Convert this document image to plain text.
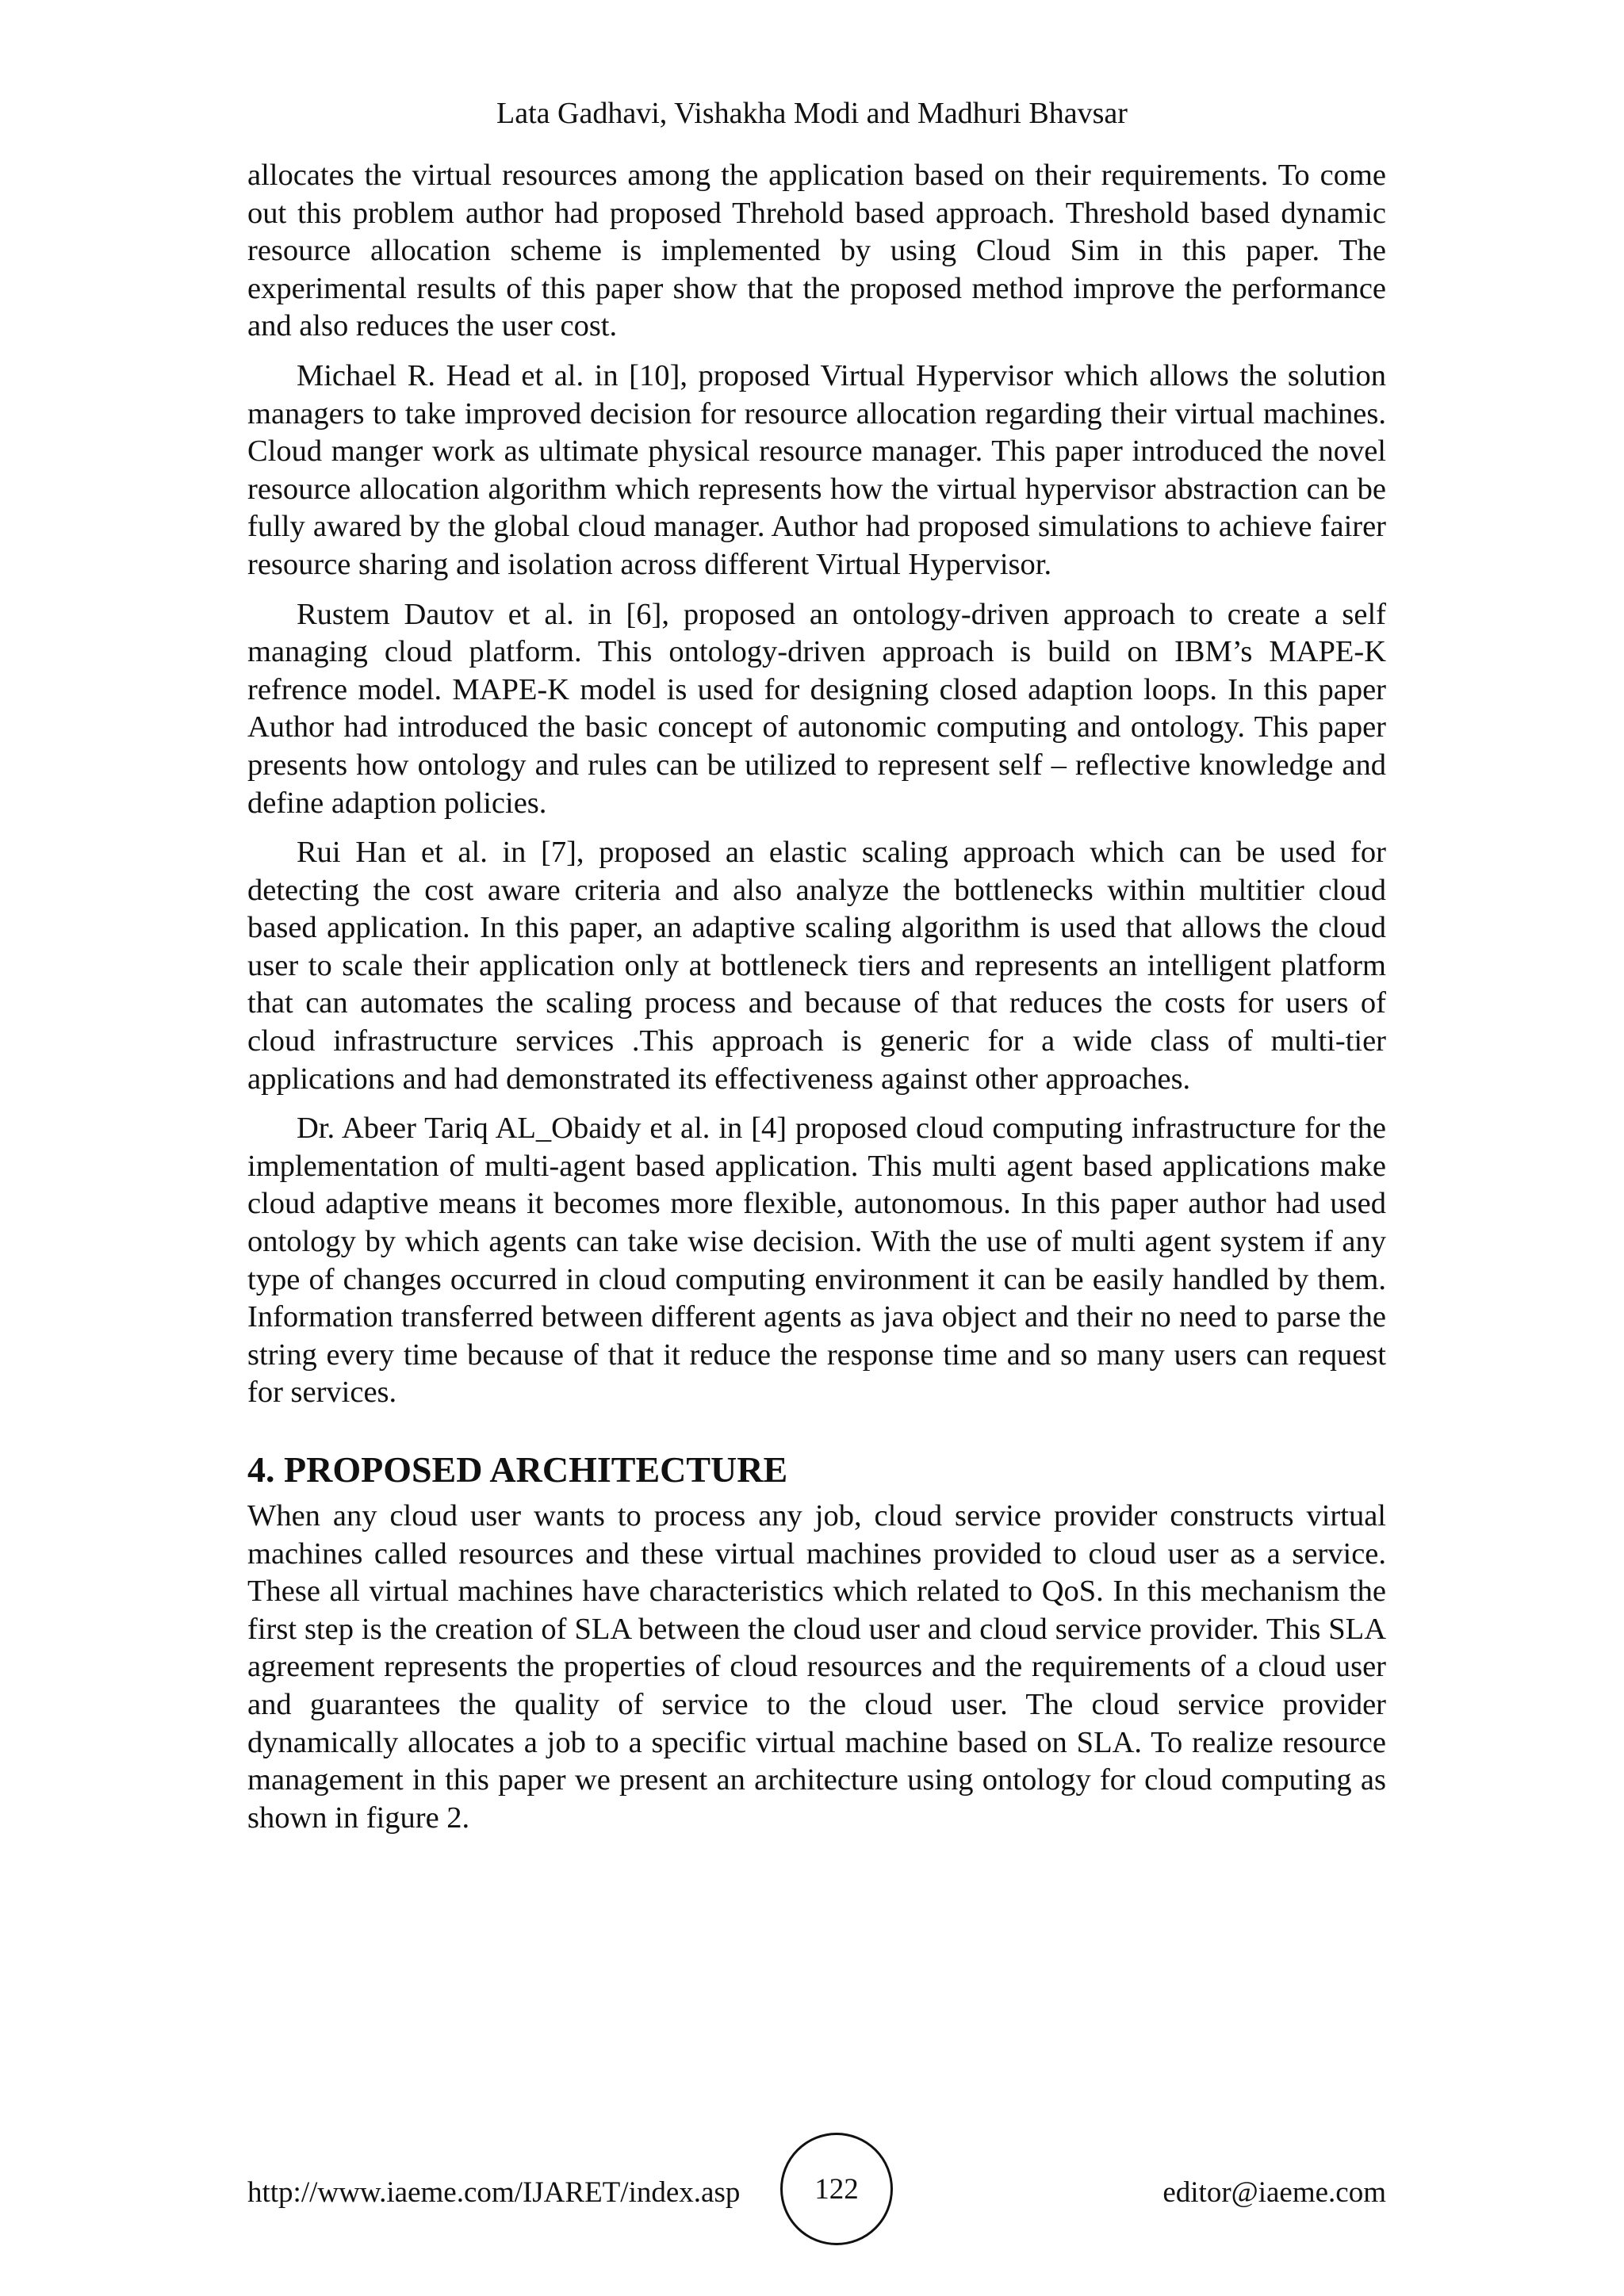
Lata Gadhavi, Vishakha Modi and Madhuri Bhavsar

allocates the virtual resources among the application based on their requirements. To come out this problem author had proposed Threhold based approach. Threshold based dynamic resource allocation scheme is implemented by using Cloud Sim in this paper. The experimental results of this paper show that the proposed method improve the performance and also reduces the user cost.

Michael R. Head et al. in [10], proposed Virtual Hypervisor which allows the solution managers to take improved decision for resource allocation regarding their virtual machines. Cloud manger work as ultimate physical resource manager. This paper introduced the novel resource allocation algorithm which represents how the virtual hypervisor abstraction can be fully awared by the global cloud manager. Author had proposed simulations to achieve fairer resource sharing and isolation across different Virtual Hypervisor.

Rustem Dautov et al. in [6], proposed an ontology-driven approach to create a self managing cloud platform. This ontology-driven approach is build on IBM’s MAPE-K refrence model. MAPE-K model is used for designing closed adaption loops. In this paper Author had introduced the basic concept of autonomic computing and ontology. This paper presents how ontology and rules can be utilized to represent self – reflective knowledge and define adaption policies.

Rui Han et al. in [7], proposed an elastic scaling approach which can be used for detecting the cost aware criteria and also analyze the bottlenecks within multitier cloud based application. In this paper, an adaptive scaling algorithm is used that allows the cloud user to scale their application only at bottleneck tiers and represents an intelligent platform that can automates the scaling process and because of that reduces the costs for users of cloud infrastructure services .This approach is generic for a wide class of multi-tier applications and had demonstrated its effectiveness against other approaches.

Dr. Abeer Tariq AL_Obaidy et al. in [4] proposed cloud computing infrastructure for the implementation of multi-agent based application. This multi agent based applications make cloud adaptive means it becomes more flexible, autonomous. In this paper author had used ontology by which agents can take wise decision. With the use of multi agent system if any type of changes occurred in cloud computing environment it can be easily handled by them. Information transferred between different agents as java object and their no need to parse the string every time because of that it reduce the response time and so many users can request for services.

4. PROPOSED ARCHITECTURE

When any cloud user wants to process any job, cloud service provider constructs virtual machines called resources and these virtual machines provided to cloud user as a service. These all virtual machines have characteristics which related to QoS. In this mechanism the first step is the creation of SLA between the cloud user and cloud service provider. This SLA agreement represents the properties of cloud resources and the requirements of a cloud user and guarantees the quality of service to the cloud user. The cloud service provider dynamically allocates a job to a specific virtual machine based on SLA. To realize resource management in this paper we present an architecture using ontology for cloud computing as shown in figure 2.

http://www.iaeme.com/IJARET/index.asp	122	editor@iaeme.com
